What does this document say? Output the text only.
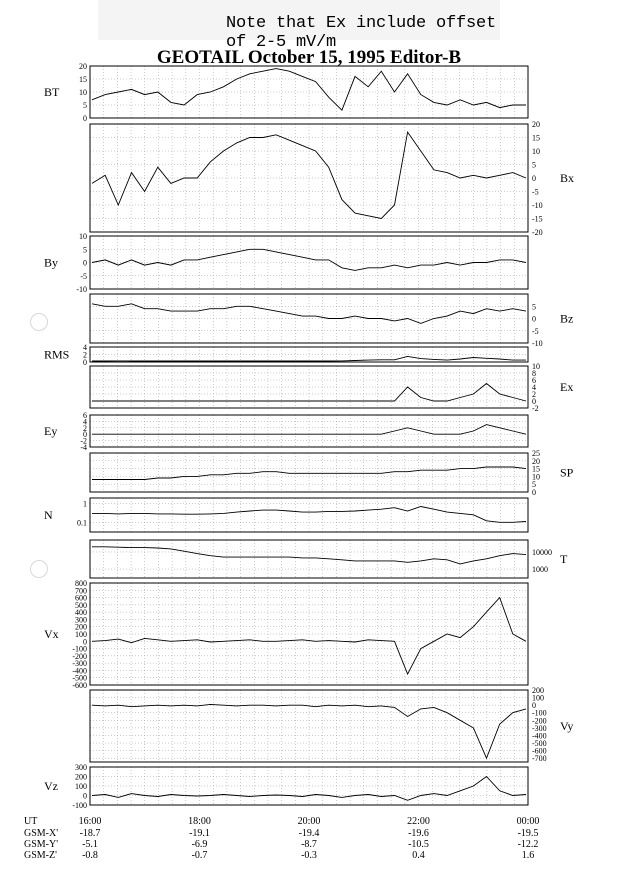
Note that Ex include offset of 2-5 mV/m
GEOTAIL October 15, 1995 Editor-B
20
15
10
5
0
BT
20
15
10
5
0
-5
-10
-15
-20
Bx
10
5
0
-5
-10
By
5
0
-5
-10
Bz
4
2
0
RMS
10
8
6
4
2
0
-2
Ex
6
4
2
0
-2
-4
Ey
25
20
15
10
5
0
SP
1
0.1
N
10000
1000
T
800
700
600
500
400
300
200
100
0
-100
-200
-300
-400
-500
-600
Vx
200
100
0
-100
-200
-300
-400
-500
-600
-700
Vy
300
200
100
0
-100
Vz
UT
GSM-X'
GSM-Y'
GSM-Z'
16:00
-18.7
-5.1
-0.8
18:00
-19.1
-6.9
-0.7
20:00
-19.4
-8.7
-0.3
22:00
-19.6
-10.5
0.4
00:00
-19.5
-12.2
1.6
